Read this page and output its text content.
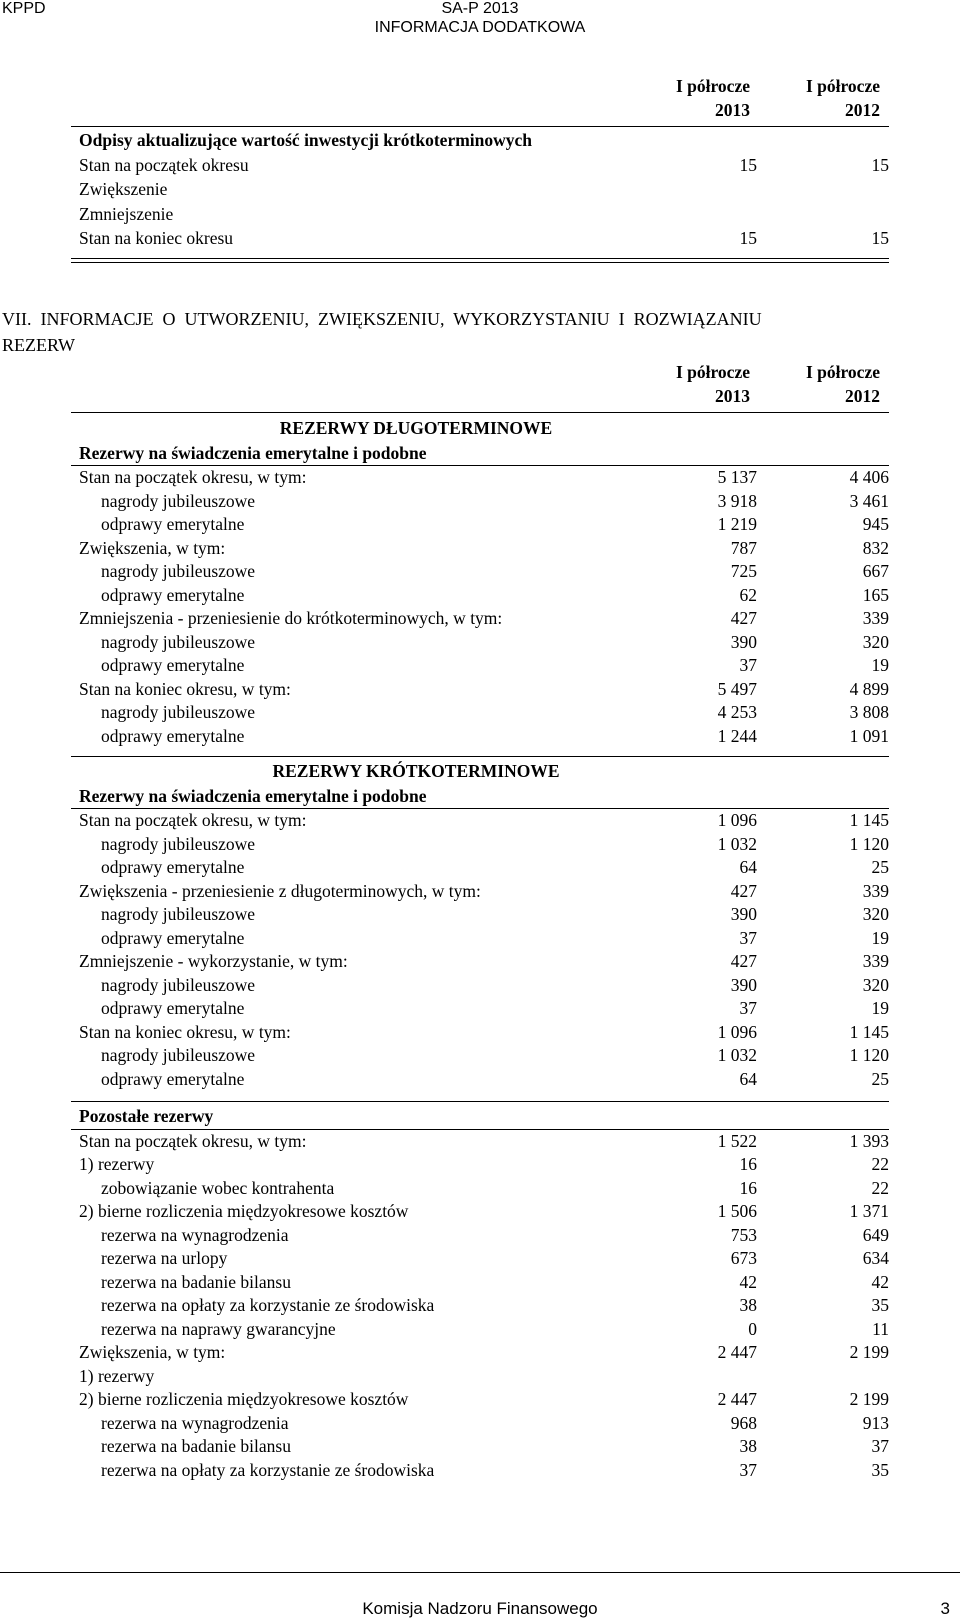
KPPD	SA-P 2013
INFORMACJA DODATKOWA
I półrocze
2013
I półrocze
2012
Odpisy aktualizujące wartość inwestycji krótkoterminowych
Stan na początek okresu	15	15
Zwiększenie
Zmniejszenie
Stan na koniec okresu	15	15
VII.  INFORMACJE  O  UTWORZENIU,  ZWIĘKSZENIU,  WYKORZYSTANIU  I  ROZWIĄZANIU
REZERW
I półrocze
2013
I półrocze
2012
REZERWY DŁUGOTERMINOWE
Rezerwy na świadczenia emerytalne i podobne
Stan na początek okresu, w tym:	5 137	4 406
nagrody jubileuszowe	3 918	3 461
odprawy emerytalne	1 219	945
Zwiększenia, w tym:	787	832
nagrody jubileuszowe	725	667
odprawy emerytalne	62	165
Zmniejszenia - przeniesienie do krótkoterminowych, w tym:	427	339
nagrody jubileuszowe	390	320
odprawy emerytalne	37	19
Stan na koniec okresu, w tym:	5 497	4 899
nagrody jubileuszowe	4 253	3 808
odprawy emerytalne	1 244	1 091
REZERWY KRÓTKOTERMINOWE
Rezerwy na świadczenia emerytalne i podobne
Stan na początek okresu, w tym:	1 096	1 145
nagrody jubileuszowe	1 032	1 120
odprawy emerytalne	64	25
Zwiększenia - przeniesienie z długoterminowych, w tym:	427	339
nagrody jubileuszowe	390	320
odprawy emerytalne	37	19
Zmniejszenie - wykorzystanie, w tym:	427	339
nagrody jubileuszowe	390	320
odprawy emerytalne	37	19
Stan na koniec okresu, w tym:	1 096	1 145
nagrody jubileuszowe	1 032	1 120
odprawy emerytalne	64	25
Pozostałe rezerwy
Stan na początek okresu, w tym:	1 522	1 393
1) rezerwy	16	22
zobowiązanie wobec kontrahenta	16	22
2) bierne rozliczenia międzyokresowe kosztów	1 506	1 371
rezerwa na wynagrodzenia	753	649
rezerwa na urlopy	673	634
rezerwa na badanie bilansu	42	42
rezerwa na opłaty za korzystanie ze środowiska	38	35
rezerwa na naprawy gwarancyjne	0	11
Zwiększenia, w tym:	2 447	2 199
1) rezerwy
2) bierne rozliczenia międzyokresowe kosztów	2 447	2 199
rezerwa na wynagrodzenia	968	913
rezerwa na badanie bilansu	38	37
rezerwa na opłaty za korzystanie ze środowiska	37	35
Komisja Nadzoru Finansowego	3
